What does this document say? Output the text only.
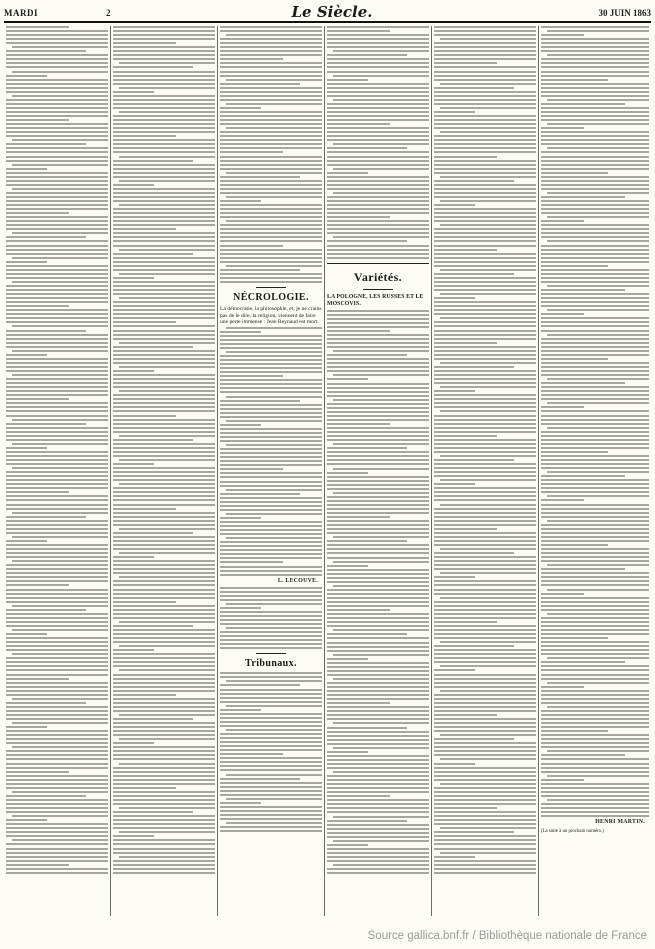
MARDI	2	Le Siècle.	30 JUIN 1863
NÉCROLOGIE.
La démocratie, la philosophie, et, je ne crains pas de le dire, la religion, viennent de faire une perte immense : Jean Reynaud est mort.
L. LECOUVE.
Tribunaux.
Variétés.
LA POLOGNE, LES RUSSES ET LE MOSCOVIS.
HENRI MARTIN.
(La suite à un prochain numéro.)
Source gallica.bnf.fr / Bibliothèque nationale de France
